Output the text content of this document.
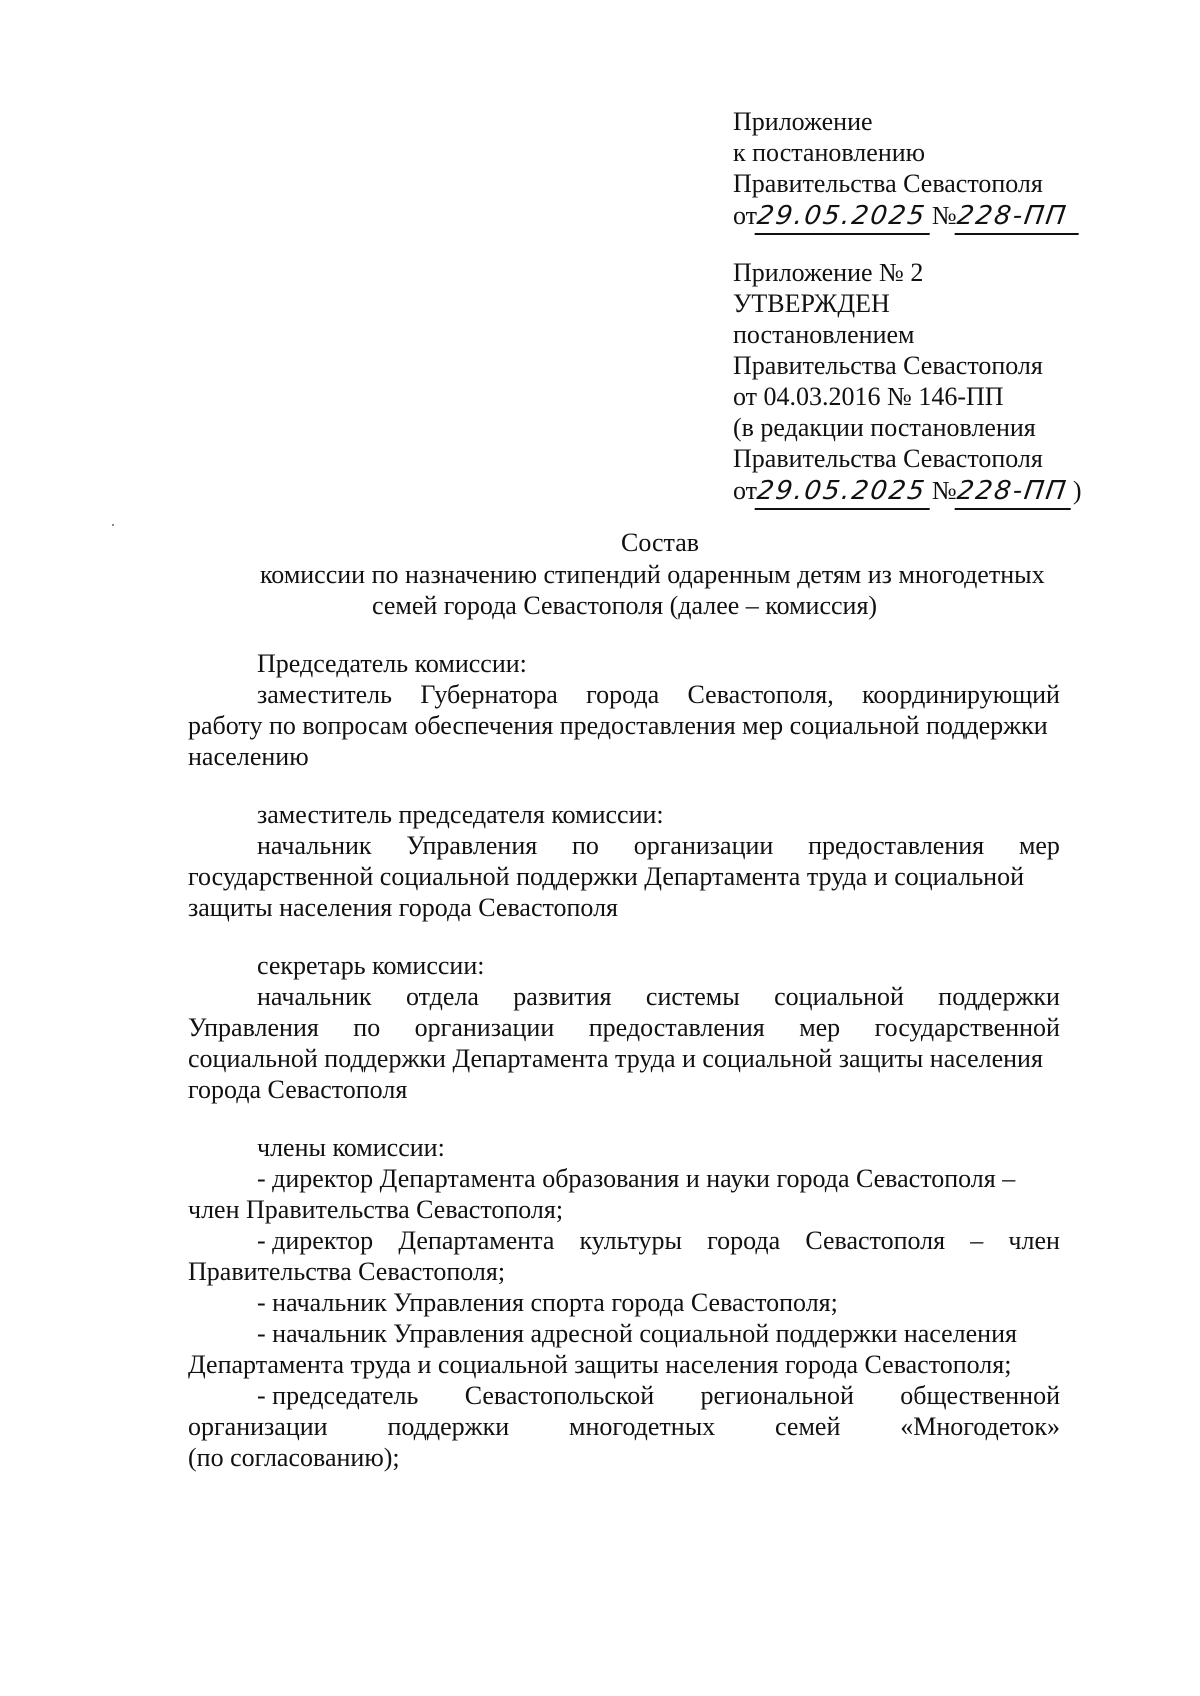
Приложение
к постановлению
Правительства Севастополя
от29.05.2025 №228-ПП
Приложение № 2
УТВЕРЖДЕН
постановлением
Правительства Севастополя
от 04.03.2016 № 146-ПП
(в редакции постановления
Правительства Севастополя
от29.05.2025 №228-ПП )
Состав
комиссии по назначению стипендий одаренным детям из многодетных
семей города Севастополя (далее – комиссия)
Председатель комиссии:
заместитель Губернатора города Севастополя, координирующий
работу по вопросам обеспечения предоставления мер социальной поддержки
населению
заместитель председателя комиссии:
начальник Управления по организации предоставления мер
государственной социальной поддержки Департамента труда и социальной
защиты населения города Севастополя
секретарь комиссии:
начальник отдела развития системы социальной поддержки
Управления по организации предоставления мер государственной
социальной поддержки Департамента труда и социальной защиты населения
города Севастополя
члены комиссии:
- директор Департамента образования и науки города Севастополя –
член Правительства Севастополя;
- директор Департамента культуры города Севастополя – член
Правительства Севастополя;
- начальник Управления спорта города Севастополя;
- начальник Управления адресной социальной поддержки населения
Департамента труда и социальной защиты населения города Севастополя;
- председатель Севастопольской региональной общественной
организации поддержки многодетных семей «Многодеток»
(по согласованию);
